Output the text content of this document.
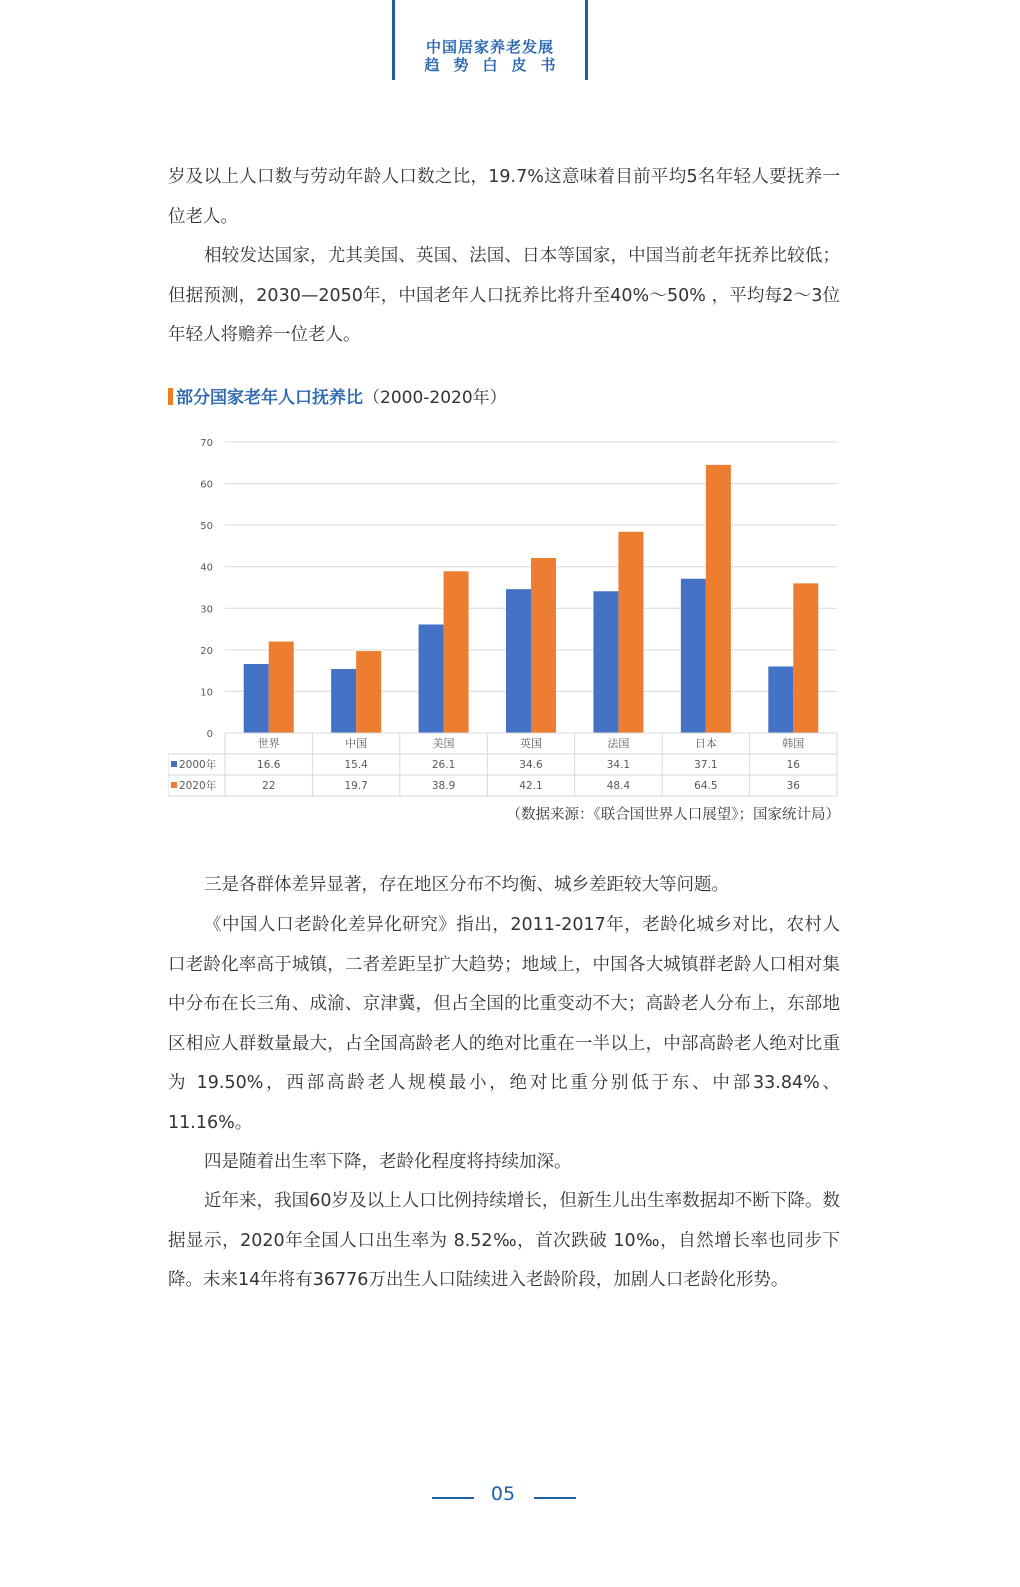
中国居家养老发展
趋势白皮书

岁及以上人口数与劳动年龄人口数之比，19.7%这意味着目前平均5名年轻人要抚养一位老人。

相较发达国家，尤其美国、英国、法国、日本等国家，中国当前老年抚养比较低；但据预测，2030—2050年，中国老年人口抚养比将升至40%～50% ，平均每2～3位年轻人将赡养一位老人。

部分国家老年人口抚养比（2000-2020年）
0
10
20
30
40
50
60
70
世界	中国	美国	英国	法国	日本	韩国
2000年	16.6	15.4	26.1	34.6	34.1	37.1	16
2020年	22	19.7	38.9	42.1	48.4	64.5	36
（数据来源：《联合国世界人口展望》；国家统计局）

三是各群体差异显著，存在地区分布不均衡、城乡差距较大等问题。

《中国人口老龄化差异化研究》指出，2011-2017年，老龄化城乡对比，农村人口老龄化率高于城镇，二者差距呈扩大趋势；地域上，中国各大城镇群老龄人口相对集中分布在长三角、成渝、京津冀，但占全国的比重变动不大；高龄老人分布上，东部地区相应人群数量最大，占全国高龄老人的绝对比重在一半以上，中部高龄老人绝对比重为 19.50%，西部高龄老人规模最小，绝对比重分别低于东、中部33.84%、11.16%。

四是随着出生率下降，老龄化程度将持续加深。

近年来，我国60岁及以上人口比例持续增长，但新生儿出生率数据却不断下降。数据显示，2020年全国人口出生率为 8.52‰，首次跌破 10‰，自然增长率也同步下降。未来14年将有36776万出生人口陆续进入老龄阶段，加剧人口老龄化形势。

05
